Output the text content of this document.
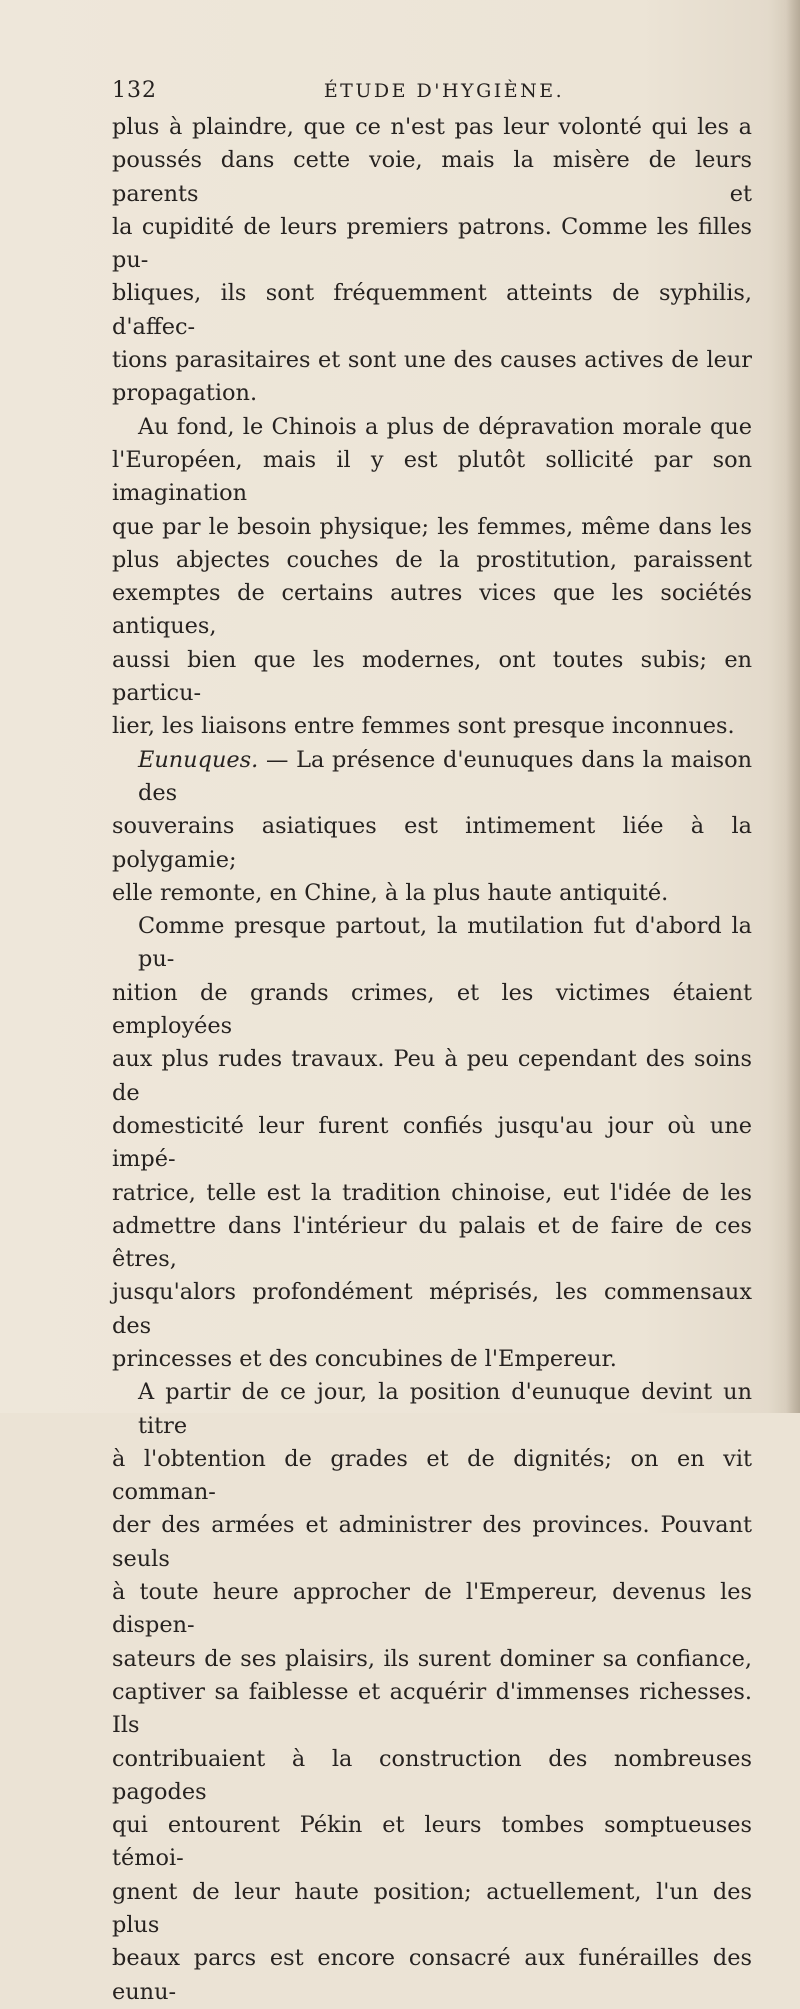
132	ÉTUDE D'HYGIÈNE.

plus à plaindre, que ce n'est pas leur volonté qui les a
poussés dans cette voie, mais la misère de leurs parents et
la cupidité de leurs premiers patrons. Comme les filles pu-
bliques, ils sont fréquemment atteints de syphilis, d'affec-
tions parasitaires et sont une des causes actives de leur
propagation.

Au fond, le Chinois a plus de dépravation morale que
l'Européen, mais il y est plutôt sollicité par son imagination
que par le besoin physique; les femmes, même dans les
plus abjectes couches de la prostitution, paraissent
exemptes de certains autres vices que les sociétés antiques,
aussi bien que les modernes, ont toutes subis; en particu-
lier, les liaisons entre femmes sont presque inconnues.

Eunuques. — La présence d'eunuques dans la maison des
souverains asiatiques est intimement liée à la polygamie;
elle remonte, en Chine, à la plus haute antiquité.

Comme presque partout, la mutilation fut d'abord la pu-
nition de grands crimes, et les victimes étaient employées
aux plus rudes travaux. Peu à peu cependant des soins de
domesticité leur furent confiés jusqu'au jour où une impé-
ratrice, telle est la tradition chinoise, eut l'idée de les
admettre dans l'intérieur du palais et de faire de ces êtres,
jusqu'alors profondément méprisés, les commensaux des
princesses et des concubines de l'Empereur.

A partir de ce jour, la position d'eunuque devint un titre
à l'obtention de grades et de dignités; on en vit comman-
der des armées et administrer des provinces. Pouvant seuls
à toute heure approcher de l'Empereur, devenus les dispen-
sateurs de ses plaisirs, ils surent dominer sa confiance,
captiver sa faiblesse et acquérir d'immenses richesses. Ils
contribuaient à la construction des nombreuses pagodes
qui entourent Pékin et leurs tombes somptueuses témoi-
gnent de leur haute position; actuellement, l'un des plus
beaux parcs est encore consacré aux funérailles des eunu-
